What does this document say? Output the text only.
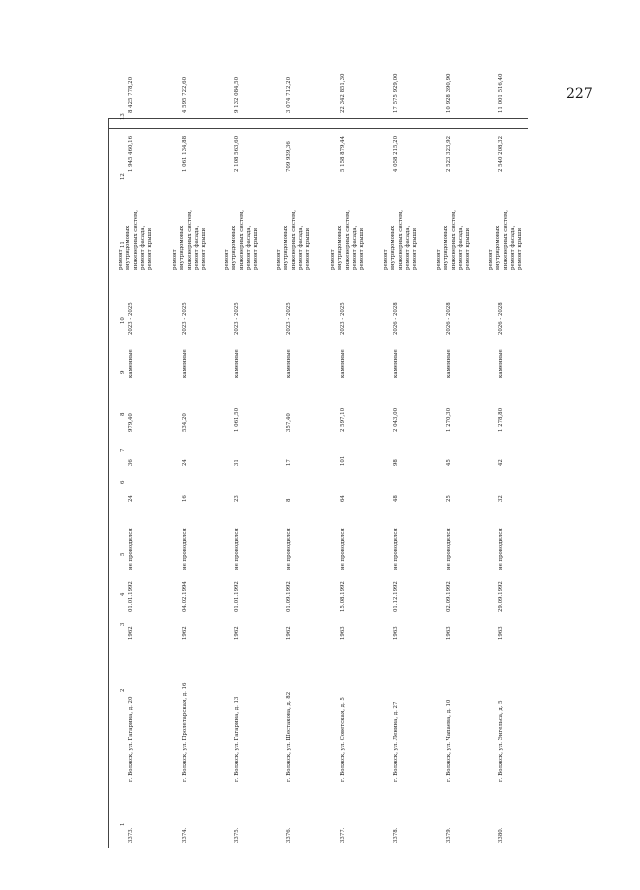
227
1
2
3
4
5
6
7
8
9
10
11
12
13
3373.
г. Волжск, ул. Гагарина, д. 20
1962
01.01.1992
не проводился
24
36
979,40
каменные
2023 - 2025
1 945 460,16
8 425 778,20
ремонт внутридомовых инженерных систем, ремонт фасада, ремонт крыши
3374.
г. Волжск, ул. Пролетарская, д. 16
1962
04.02.1994
не проводился
16
24
534,20
каменные
2023 - 2025
1 061 134,88
4 595 722,60
ремонт внутридомовых инженерных систем, ремонт фасада, ремонт крыши
3375.
г. Волжск, ул. Гагарина, д. 13
1962
01.01.1992
не проводился
23
31
1 061,50
каменные
2023 - 2025
2 108 563,60
9 132 084,50
ремонт внутридомовых инженерных систем, ремонт фасада, ремонт крыши
3376.
г. Волжск, ул. Шестакова, д. 82
1962
01.09.1992
не проводился
8
17
357,40
каменные
2023 - 2025
709 939,36
3 074 712,20
ремонт внутридомовых инженерных систем, ремонт фасада, ремонт крыши
3377.
г. Волжск, ул. Советская, д. 5
1963
15.08.1992
не проводился
64
101
2 597,10
каменные
2023 - 2025
5 158 879,44
22 342 851,30
ремонт внутридомовых инженерных систем, ремонт фасада, ремонт крыши
3378.
г. Волжск, ул. Ленина, д. 27
1963
01.12.1992
не проводился
48
98
2 043,00
каменные
2026 - 2028
4 058 215,20
17 575 929,00
ремонт внутридомовых инженерных систем, ремонт фасада, ремонт крыши
3379.
г. Волжск, ул. Чапаева, д. 10
1963
02.09.1992
не проводился
25
45
1 270,30
каменные
2026 - 2028
2 523 323,92
10 928 390,90
ремонт внутридомовых инженерных систем, ремонт фасада, ремонт крыши
3380.
г. Волжск, ул. Энгельса, д. 5
1963
29.09.1992
не проводился
32
42
1 278,80
каменные
2026 - 2028
2 540 208,32
11 001 516,40
ремонт внутридомовых инженерных систем, ремонт фасада, ремонт крыши
